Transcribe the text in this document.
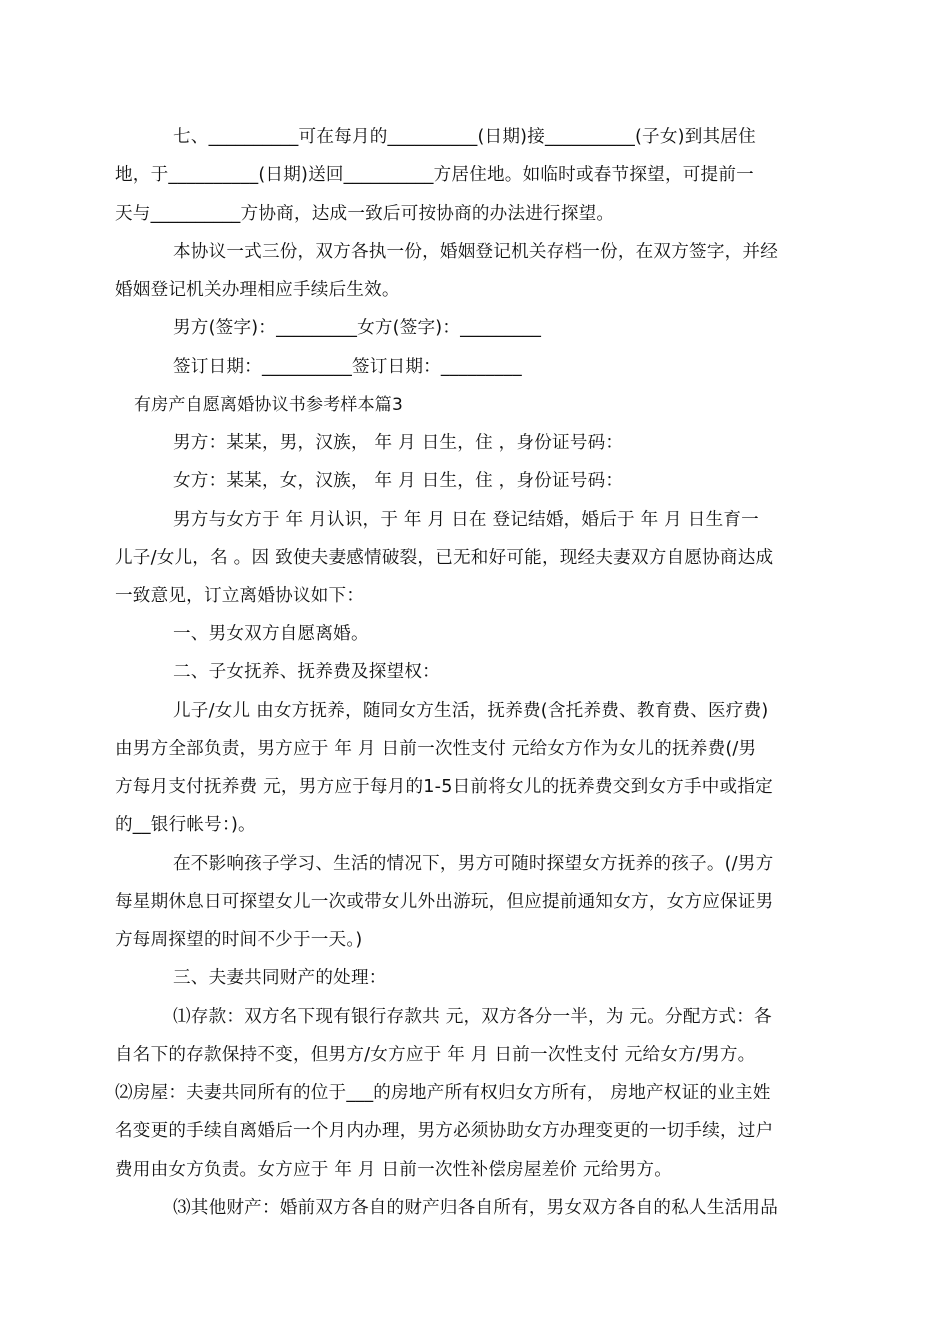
七、__________可在每月的__________(日期)接__________(子女)到其居住
地，于__________(日期)送回__________方居住地。如临时或春节探望，可提前一
天与__________方协商，达成一致后可按协商的办法进行探望。
本协议一式三份，双方各执一份，婚姻登记机关存档一份，在双方签字，并经
婚姻登记机关办理相应手续后生效。
男方(签字)：_________女方(签字)：_________
签订日期：__________签订日期：_________
有房产自愿离婚协议书参考样本篇3
男方：某某，男，汉族， 年 月 日生，住 ，身份证号码：
女方：某某，女，汉族， 年 月 日生，住 ，身份证号码：
男方与女方于 年 月认识，于 年 月 日在 登记结婚，婚后于 年 月 日生育一
儿子/女儿，名 。因 致使夫妻感情破裂，已无和好可能，现经夫妻双方自愿协商达成
一致意见，订立离婚协议如下：
一、男女双方自愿离婚。
二、子女抚养、抚养费及探望权：
儿子/女儿 由女方抚养，随同女方生活，抚养费(含托养费、教育费、医疗费)
由男方全部负责，男方应于 年 月 日前一次性支付 元给女方作为女儿的抚养费(/男
方每月支付抚养费 元，男方应于每月的1-5日前将女儿的抚养费交到女方手中或指定
的__银行帐号：)。
在不影响孩子学习、生活的情况下，男方可随时探望女方抚养的孩子。(/男方
每星期休息日可探望女儿一次或带女儿外出游玩，但应提前通知女方，女方应保证男
方每周探望的时间不少于一天。)
三、夫妻共同财产的处理：
⑴存款：双方名下现有银行存款共 元，双方各分一半，为 元。分配方式：各
自名下的存款保持不变，但男方/女方应于 年 月 日前一次性支付 元给女方/男方。
⑵房屋：夫妻共同所有的位于___的房地产所有权归女方所有， 房地产权证的业主姓
名变更的手续自离婚后一个月内办理，男方必须协助女方办理变更的一切手续，过户
费用由女方负责。女方应于 年 月 日前一次性补偿房屋差价 元给男方。
⑶其他财产：婚前双方各自的财产归各自所有，男女双方各自的私人生活用品
